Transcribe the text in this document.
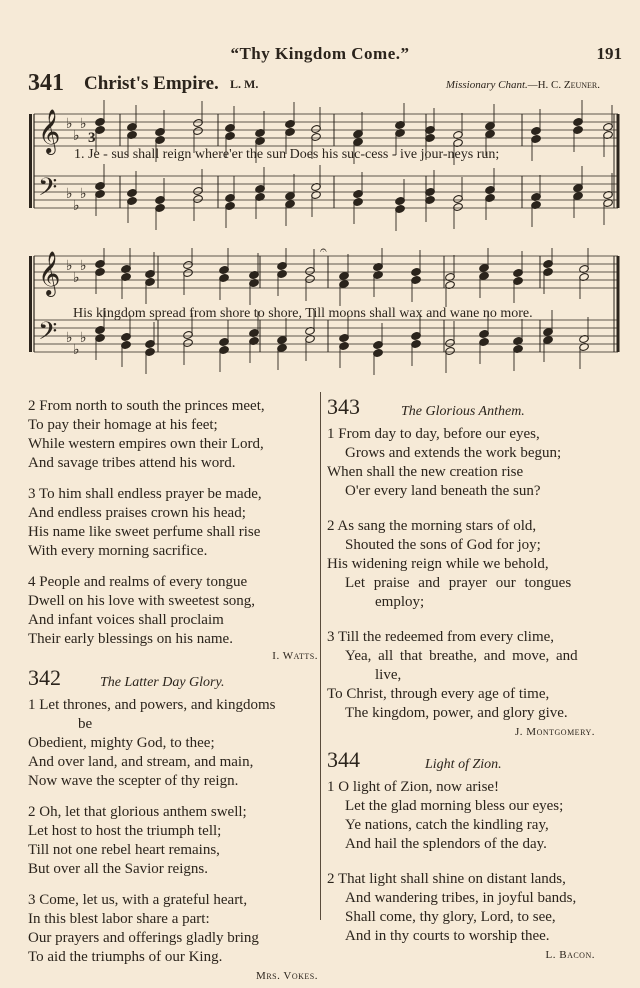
“Thy Kingdom Come.”	191
341 Christ's Empire. L. M.	Missionary Chant.—H. C. Zeuner.
𝄞
𝄢
♭
♭
♭
♭
♭
♭
3
1. Je - sus shall reign where'er the sun Does his suc-cess - ive jour-neys run;
𝄞
𝄢
♭
♭
♭
♭
♭
♭
𝄐
His kingdom spread from shore to shore, Till moons shall wax and wane no more.
2 From north to south the princes meet,
To pay their homage at his feet;
While western empires own their Lord,
And savage tribes attend his word.
3 To him shall endless prayer be made,
And endless praises crown his head;
His name like sweet perfume shall rise
With every morning sacrifice.
4 People and realms of every tongue
Dwell on his love with sweetest song,
And infant voices shall proclaim
Their early blessings on his name.
I. Watts.
342	The Latter Day Glory.
1 Let thrones, and powers, and kingdoms
be
Obedient, mighty God, to thee;
And over land, and stream, and main,
Now wave the scepter of thy reign.
2 Oh, let that glorious anthem swell;
Let host to host the triumph tell;
Till not one rebel heart remains,
But over all the Savior reigns.
3 Come, let us, with a grateful heart,
In this blest labor share a part:
Our prayers and offerings gladly bring
To aid the triumphs of our King.
Mrs. Vokes.
343	The Glorious Anthem.
1 From day to day, before our eyes,
Grows and extends the work begun;
When shall the new creation rise
O'er every land beneath the sun?
2 As sang the morning stars of old,
Shouted the sons of God for joy;
His widening reign while we behold,
Let praise and prayer our tongues
employ;
3 Till the redeemed from every clime,
Yea, all that breathe, and move, and
live,
To Christ, through every age of time,
The kingdom, power, and glory give.
J. Montgomery.
344	Light of Zion.
1 O light of Zion, now arise!
Let the glad morning bless our eyes;
Ye nations, catch the kindling ray,
And hail the splendors of the day.
2 That light shall shine on distant lands,
And wandering tribes, in joyful bands,
Shall come, thy glory, Lord, to see,
And in thy courts to worship thee.
L. Bacon.
